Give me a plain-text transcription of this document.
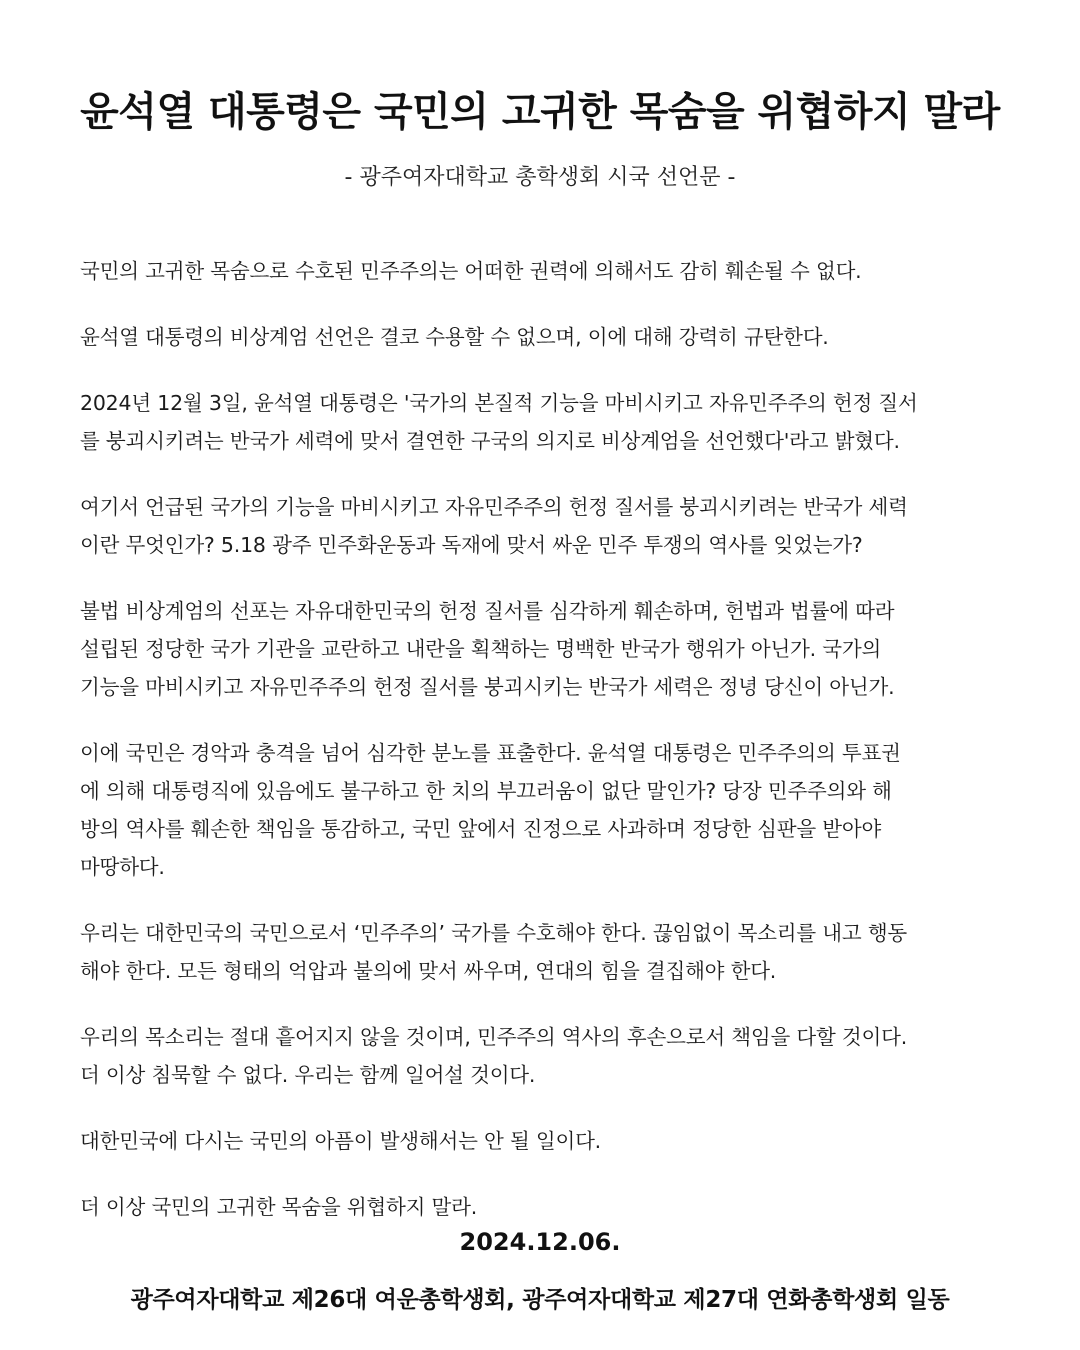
윤석열 대통령은 국민의 고귀한 목숨을 위협하지 말라
- 광주여자대학교 총학생회 시국 선언문 -

국민의 고귀한 목숨으로 수호된 민주주의는 어떠한 권력에 의해서도 감히 훼손될 수 없다.

윤석열 대통령의 비상계엄 선언은 결코 수용할 수 없으며, 이에 대해 강력히 규탄한다.

2024년 12월 3일, 윤석열 대통령은 '국가의 본질적 기능을 마비시키고 자유민주주의 헌정 질서
를 붕괴시키려는 반국가 세력에 맞서 결연한 구국의 의지로 비상계엄을 선언했다'라고 밝혔다.

여기서 언급된 국가의 기능을 마비시키고 자유민주주의 헌정 질서를 붕괴시키려는 반국가 세력
이란 무엇인가? 5.18 광주 민주화운동과 독재에 맞서 싸운 민주 투쟁의 역사를 잊었는가?

불법 비상계엄의 선포는 자유대한민국의 헌정 질서를 심각하게 훼손하며, 헌법과 법률에 따라
설립된 정당한 국가 기관을 교란하고 내란을 획책하는 명백한 반국가 행위가 아닌가. 국가의
기능을 마비시키고 자유민주주의 헌정 질서를 붕괴시키는 반국가 세력은 정녕 당신이 아닌가.

이에 국민은 경악과 충격을 넘어 심각한 분노를 표출한다. 윤석열 대통령은 민주주의의 투표권
에 의해 대통령직에 있음에도 불구하고 한 치의 부끄러움이 없단 말인가? 당장 민주주의와 해
방의 역사를 훼손한 책임을 통감하고, 국민 앞에서 진정으로 사과하며 정당한 심판을 받아야
마땅하다.

우리는 대한민국의 국민으로서 ‘민주주의’ 국가를 수호해야 한다. 끊임없이 목소리를 내고 행동
해야 한다. 모든 형태의 억압과 불의에 맞서 싸우며, 연대의 힘을 결집해야 한다.

우리의 목소리는 절대 흩어지지 않을 것이며, 민주주의 역사의 후손으로서 책임을 다할 것이다.
더 이상 침묵할 수 없다. 우리는 함께 일어설 것이다.

대한민국에 다시는 국민의 아픔이 발생해서는 안 될 일이다.

더 이상 국민의 고귀한 목숨을 위협하지 말라.

2024.12.06.
광주여자대학교 제26대 여운총학생회, 광주여자대학교 제27대 연화총학생회 일동
